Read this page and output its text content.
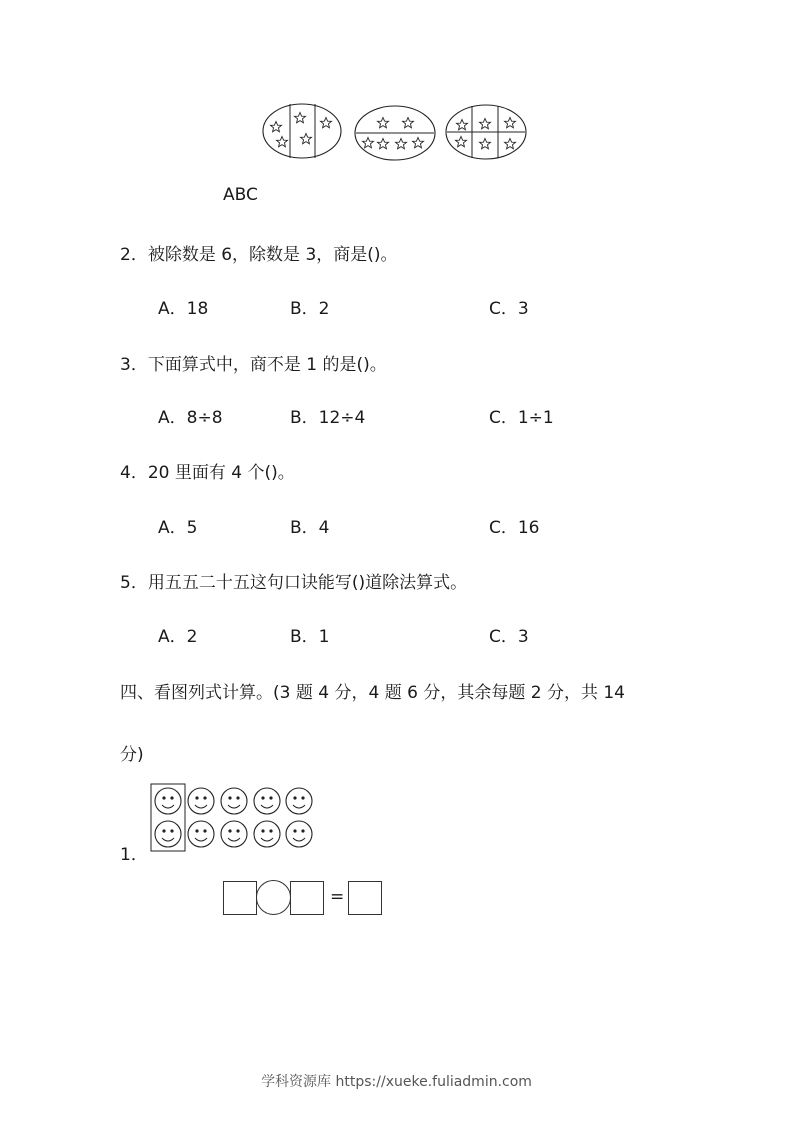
ABC
2．被除数是 6，除数是 3，商是()。
A．18	B．2	C．3
3．下面算式中，商不是 1 的是()。
A．8÷8	B．12÷4	C．1÷1
4．20 里面有 4 个()。
A．5	B．4	C．16
5．用五五二十五这句口诀能写()道除法算式。
A．2	B．1	C．3
四、看图列式计算。(3 题 4 分，4 题 6 分，其余每题 2 分，共 14
分)
1．
=
学科资源库 https://xueke.fuliadmin.com
